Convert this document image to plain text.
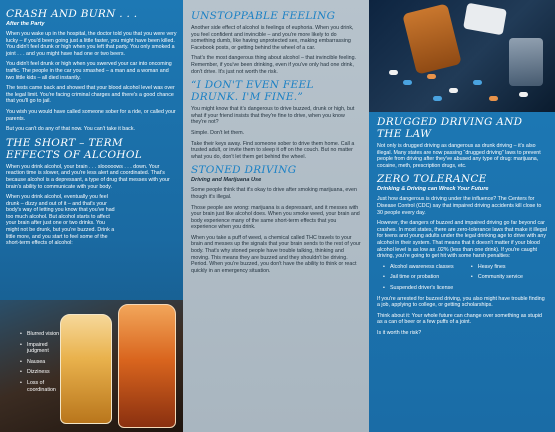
CRASH AND BURN . . .
After the Party

When you wake up in the hospital, the doctor told you that you were very lucky – if you'd been going just a little faster, you might have been killed. You didn't feel drunk or high when you left that party. You only smoked a joint . . . and you might have had one or two beers.

You didn't feel drunk or high when you swerved your car into oncoming traffic. The people in the car you smashed – a man and a woman and two little kids – all died instantly.

The tests came back and showed that your blood alcohol level was over the legal limit. You're facing criminal charges and there's a good chance that you'll go to jail.

You wish you would have called someone sober for a ride, or called your parents.

But you can't do any of that now. You can't take it back.

THE SHORT – TERM EFFECTS OF ALCOHOL

When you drink alcohol, your brain . . . slooooows . . . down. Your reaction time is slower, and you're less alert and coordinated. That's because alcohol is a depressant, a type of drug that messes with your brain's ability to communicate with your body.

When you drink alcohol, eventually you feel drunk – dizzy and out of it – and that's your body's way of letting you know that you've had too much alcohol. But alcohol starts to affect your brain after just one or two drinks. You might not be drunk, but you're buzzed. Drink a little more, and you start to feel some of the short-term effects of alcohol:

• Blurred vision
• Impaired judgment
• Nausea
• Dizziness
• Loss of coordination
UNSTOPPABLE FEELING

Another side effect of alcohol is feelings of euphoria. When you drink, you feel confident and invincible – and you're more likely to do something dumb, like having unprotected sex, making embarrassing Facebook posts, or getting behind the wheel of a car.

That's the most dangerous thing about alcohol – that invincible feeling. Remember, if you've been drinking, even if you've only had one drink, don't drive. It's just not worth the risk.

“I DON'T EVEN FEEL DRUNK. I'M FINE.”

You might know that it's dangerous to drive buzzed, drunk or high, but what if your friend insists that they're fine to drive, when you know they're not?

Simple. Don't let them.

Take their keys away. Find someone sober to drive them home. Call a trusted adult, or invite them to sleep it off on the couch. But no matter what you do, don't let them get behind the wheel.

STONED DRIVING
Driving and Marijuana Use

Some people think that it's okay to drive after smoking marijuana, even though it's illegal.

Those people are wrong: marijuana is a depressant, and it messes with your brain just like alcohol does. When you smoke weed, your brain and body experience many of the same short-term effects that you experience when you drink.

When you take a puff of weed, a chemical called THC travels to your brain and messes up the signals that your brain sends to the rest of your body. That's why stoned people have trouble talking, thinking and moving. This means they are buzzed and they shouldn't be driving. Period. When you're buzzed, you don't have the ability to think or react quickly in an emergency situation.

DRUGGED DRIVING AND THE LAW

Not only is drugged driving as dangerous as drunk driving – it's also illegal. Many states are now passing “drugged driving” laws to prevent people from driving after they've abused any type of drug: marijuana, cocaine, meth, prescription drugs, etc.

ZERO TOLERANCE
Drinking & Driving can Wreck Your Future

Just how dangerous is driving under the influence? The Centers for Disease Control (CDC) say that impaired driving accidents kill close to 30 people every day.

However, the dangers of buzzed and impaired driving go far beyond car crashes. In most states, there are zero-tolerance laws that make it illegal for teens and young adults under the legal drinking age to drive with any alcohol in their system. That means that it doesn't matter if your blood alcohol level is as low as .02% (less than one drink). If you're caught driving, you're going to get hit with some harsh penalties:

• Alcohol awareness classes
• Jail time or probation
• Suspended driver's license
• Heavy fines
• Community service

If you're arrested for buzzed driving, you also might have trouble finding a job, applying to college, or getting scholarships.

Think about it: Your whole future can change over something as stupid as a can of beer or a few puffs of a joint.

Is it worth the risk?
